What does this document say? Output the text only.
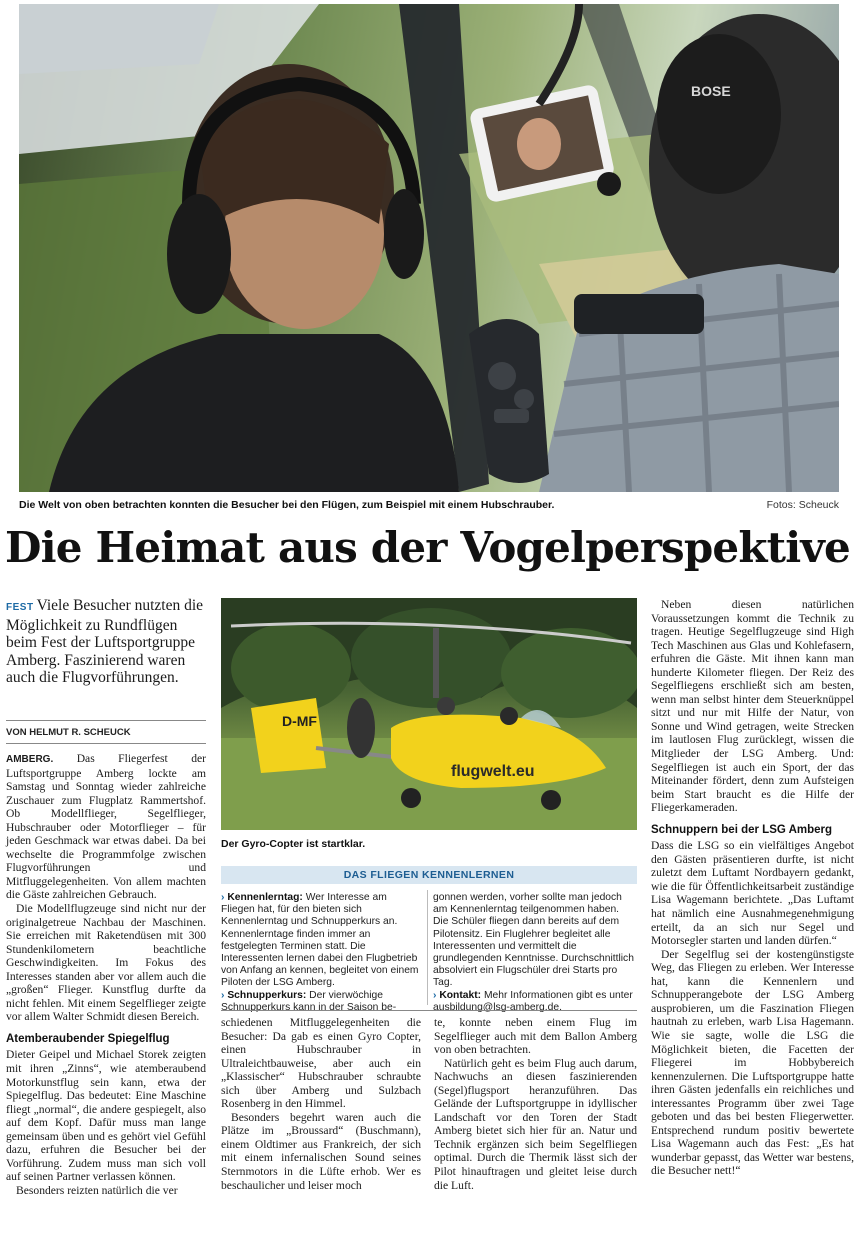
BOSE
Die Welt von oben betrachten konnten die Besucher bei den Flügen, zum Beispiel mit einem Hubschrauber.	Fotos: Scheuck
Die Heimat aus der Vogelperspektive
FEST Viele Besucher nutzten die Möglichkeit zu Rundflügen beim Fest der Luftsportgruppe Amberg. Faszinierend waren auch die Flugvorführungen.
VON HELMUT R. SCHEUCK

AMBERG. Das Fliegerfest der Luftsportgruppe Amberg lockte am Samstag und Sonntag wieder zahlreiche Zuschauer zum Flugplatz Rammertshof. Ob Modellflieger, Segelflieger, Hubschrauber oder Motorflieger – für jeden Geschmack war etwas dabei. Da bei wechselte die Programmfolge zwischen Flugvorführungen und Mitfluggelegenheiten. Von allem machten die Gäste zahlreichen Gebrauch.

Die Modellflugzeuge sind nicht nur der originalgetreue Nachbau der Maschinen. Sie erreichen mit Raketendüsen mit 300 Stundenkilometern beachtliche Geschwindigkeiten. Im Fokus des Interesses standen aber vor allem auch die „großen“ Flieger. Kunstflug durfte da nicht fehlen. Mit einem Segelflieger zeigte vor allem Walter Schmidt diesen Bereich.

Atemberaubender Spiegelflug

Dieter Geipel und Michael Storek zeigten mit ihren „Zinns“, wie atemberaubend Motorkunstflug sein kann, etwa der Spiegelflug. Das bedeutet: Eine Maschine fliegt „normal“, die andere gespiegelt, also auf dem Kopf. Dafür muss man lange gemeinsam üben und es gehört viel Gefühl dazu, erfuhren die Besucher bei der Vorführung. Zudem muss man sich voll auf seinen Partner verlassen können.

Besonders reizten natürlich die ver

D-MF
flugwelt.eu
Der Gyro-Copter ist startklar.
DAS FLIEGEN KENNENLERNEN

› Kennenlerntag: Wer Interesse am Fliegen hat, für den bieten sich Kennenlerntag und Schnupperkurs an. Kennenlerntage finden immer an festgelegten Terminen statt. Die Interessenten lernen dabei den Flugbetrieb von Anfang an kennen, begleitet von einem Piloten der LSG Amberg.

› Schnupperkurs: Der vierwöchige Schnupperkurs kann in der Saison be-

gonnen werden, vorher sollte man jedoch am Kennenlerntag teilgenommen haben. Die Schüler fliegen dann bereits auf dem Pilotensitz. Ein Fluglehrer begleitet alle Interessenten und vermittelt die grundlegenden Kenntnisse. Durchschnittlich absolviert ein Flugschüler drei Starts pro Tag.

› Kontakt: Mehr Informationen gibt es unter ausbildung@lsg-amberg.de.

schiedenen Mitfluggelegenheiten die Besucher: Da gab es einen Gyro Copter, einen Hubschrauber in Ultraleichtbauweise, aber auch ein „Klassischer“ Hubschrauber schraubte sich über Amberg und Sulzbach Rosenberg in den Himmel.

Besonders begehrt waren auch die Plätze im „Broussard“ (Buschmann), einem Oldtimer aus Frankreich, der sich mit einem infernalischen Sound seines Sternmotors in die Lüfte erhob. Wer es beschaulicher und leiser moch

te, konnte neben einem Flug im Segelflieger auch mit dem Ballon Amberg von oben betrachten.

Natürlich geht es beim Flug auch darum, Nachwuchs an diesen faszinierenden (Segel)flugsport heranzuführen. Das Gelände der Luftsportgruppe in idyllischer Landschaft vor den Toren der Stadt Amberg bietet sich hier für an. Natur und Technik ergänzen sich beim Segelfliegen optimal. Durch die Thermik lässt sich der Pilot hinauftragen und gleitet leise durch die Luft.

Neben diesen natürlichen Voraussetzungen kommt die Technik zu tragen. Heutige Segelflugzeuge sind High Tech Maschinen aus Glas und Kohlefasern, erfuhren die Gäste. Mit ihnen kann man hunderte Kilometer fliegen. Der Reiz des Segelfliegens erschließt sich am besten, wenn man selbst hinter dem Steuerknüppel sitzt und nur mit Hilfe der Natur, von Sonne und Wind getragen, weite Strecken im lautlosen Flug zurücklegt, wissen die Mitglieder der LSG Amberg. Und: Segelfliegen ist auch ein Sport, der das Miteinander fördert, denn zum Aufsteigen beim Start braucht es die Hilfe der Fliegerkameraden.

Schnuppern bei der LSG Amberg

Dass die LSG so ein vielfältiges Angebot den Gästen präsentieren durfte, ist nicht zuletzt dem Luftamt Nordbayern gedankt, wie die für Öffentlichkeitsarbeit zuständige Lisa Wagemann berichtete. „Das Luftamt hat nämlich eine Ausnahmegenehmigung erteilt, da an sich nur Segel und Motorsegler starten und landen dürfen.“

Der Segelflug sei der kostengünstigste Weg, das Fliegen zu erleben. Wer Interesse hat, kann die Kennenlern und Schnupperangebote der LSG Amberg ausprobieren, um die Faszination Fliegen hautnah zu erleben, warb Lisa Hagemann. Wie sie sagte, wolle die LSG die Möglichkeit bieten, die Facetten der Fliegerei im Hobbybereich kennenzulernen. Die Luftsportgruppe hatte ihren Gästen jedenfalls ein reichliches und interessantes Programm über zwei Tage geboten und das bei besten Fliegerwetter. Entsprechend rundum positiv bewertete Lisa Wagemann auch das Fest: „Es hat wunderbar gepasst, das Wetter war bestens, die Besucher nett!“
